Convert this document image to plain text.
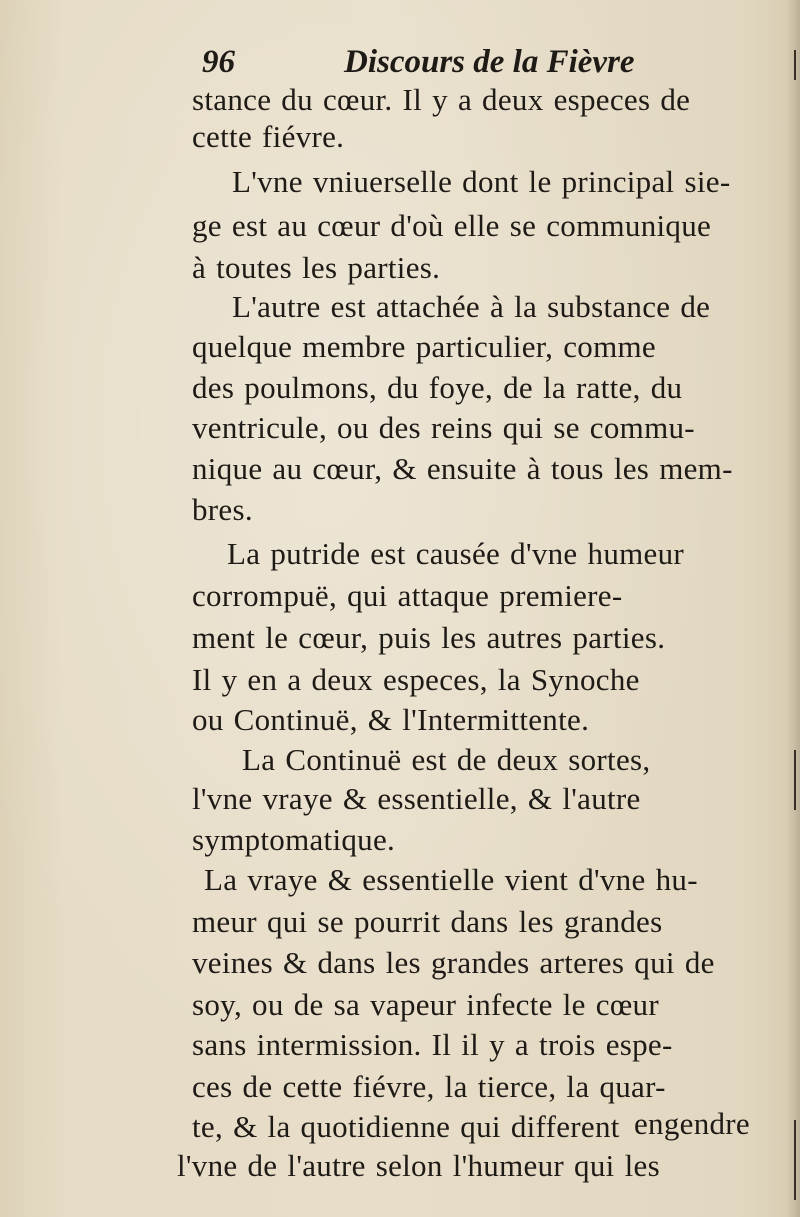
96	Discours de la Fièvre
stance du cœur. Il y a deux especes de
cette fiévre.
L'vne vniuerselle dont le principal sie-
ge est au cœur d'où elle se communique
à toutes les parties.
L'autre est attachée à la substance de
quelque membre particulier, comme
des poulmons, du foye, de la ratte, du
ventricule, ou des reins qui se commu-
nique au cœur, & ensuite à tous les mem-
bres.
La putride est causée d'vne humeur
corrompuë, qui attaque premiere-
ment le cœur, puis les autres parties.
Il y en a deux especes, la Synoche
ou Continuë, & l'Intermittente.
La Continuë est de deux sortes,
l'vne vraye & essentielle, & l'autre
symptomatique.
La vraye & essentielle vient d'vne hu-
meur qui se pourrit dans les grandes
veines & dans les grandes arteres qui de
soy, ou de sa vapeur infecte le cœur
sans intermission. Il il y a trois espe-
ces de cette fiévre, la tierce, la quar-
te, & la quotidienne qui different
l'vne de l'autre selon l'humeur qui les
engendre
